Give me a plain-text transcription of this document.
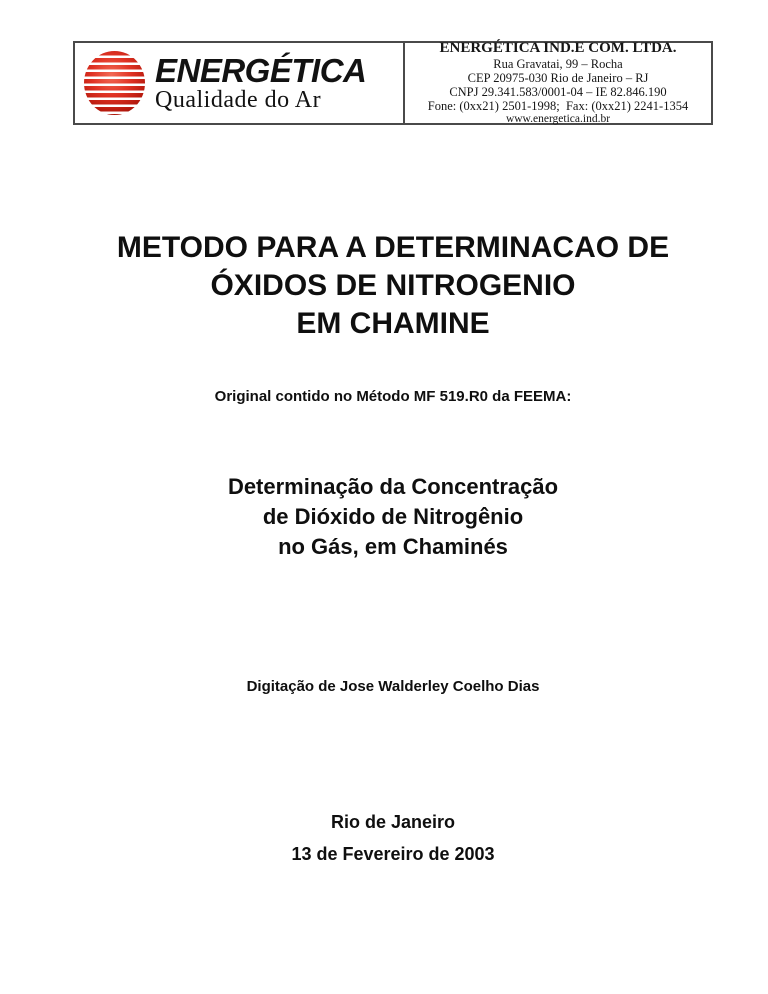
ENERGÉTICA
Qualidade do Ar
ENERGÉTICA IND.E COM. LTDA.
Rua Gravatai, 99 – Rocha
CEP 20975-030 Rio de Janeiro – RJ
CNPJ 29.341.583/0001-04 – IE 82.846.190
Fone: (0xx21) 2501-1998;  Fax: (0xx21) 2241-1354
www.energetica.ind.br
METODO PARA A DETERMINACAO DE
ÓXIDOS DE NITROGENIO
EM CHAMINE
Original contido no Método MF 519.R0 da FEEMA:
Determinação da Concentração
de Dióxido de Nitrogênio
no Gás, em Chaminés
Digitação de Jose Walderley Coelho Dias
Rio de Janeiro
13 de Fevereiro de 2003
